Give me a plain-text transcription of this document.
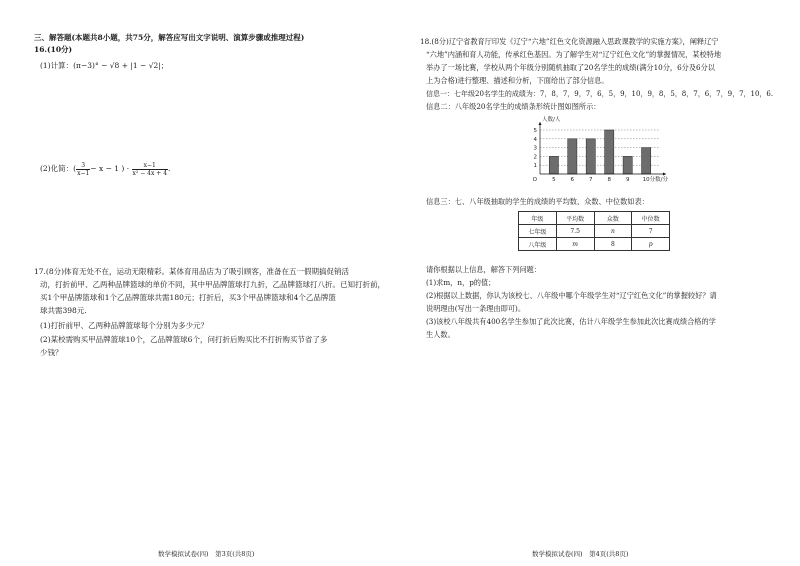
三、解答题(本题共8小题，共75分，解答应写出文字说明、演算步骤或推理过程)
16.(10分)
(1)计算：(π−3)° − √8 + |1 − √2|；
(2)化简：( $\frac{3}{x-1} - x - 1$ ) · $\frac{x-1}{\text{x² − 4x + 4}}$ .
17.(8分)体育无处不在，运动无限精彩。某体育用品店为了吸引顾客，准备在五一假期搞促销活
动，打折前甲、乙两种品牌篮球的单价不同，其中甲品牌篮球打九折，乙品牌篮球打八折。已知打折前，
买1个甲品牌篮球和1个乙品牌篮球共需180元；打折后，买3个甲品牌篮球和4个乙品牌篮
球共需398元.
(1)打折前甲、乙两种品牌篮球每个分别为多少元？
(2)某校需购买甲品牌篮球10个，乙品牌篮球6个，问打折后购买比不打折购买节省了多
少钱？
数学模拟试卷(四)　第3页(共8页)
18.(8分)辽宁省教育厅印发《辽宁“六地”红色文化资源融入思政课教学的实施方案》，阐释辽宁
“六地”内涵和育人功能，传承红色基因。为了解学生对“辽宁红色文化”的掌握情况，某校特地
举办了一场比赛，学校从两个年级分别随机抽取了20名学生的成绩(满分10分，6分及6分以
上为合格)进行整理、描述和分析，下面给出了部分信息。
信息一：七年级20名学生的成绩为：7，8，7，9，7，6，5，9，10，9，8，5，8，7，6，7，9，7，10，6.
信息二：八年级20名学生的成绩条形统计图如图所示：
1
2
3
4
5
5	6	7	8	9 10
O
人数/人
分数/分
信息三：七、八年级抽取的学生的成绩的平均数、众数、中位数如表：
年级	平均数	众数	中位数
七年级	7.5	n	7
八年级	m	8	p
请你根据以上信息，解答下列问题：
(1)求m，n，p的值；
(2)根据以上数据，你认为该校七、八年级中哪个年级学生对“辽宁红色文化”的掌握较好？请
说明理由(写出一条理由即可)。
(3)该校八年级共有400名学生参加了此次比赛，估计八年级学生参加此次比赛成绩合格的学
生人数。
数学模拟试卷(四)　第4页(共8页)
